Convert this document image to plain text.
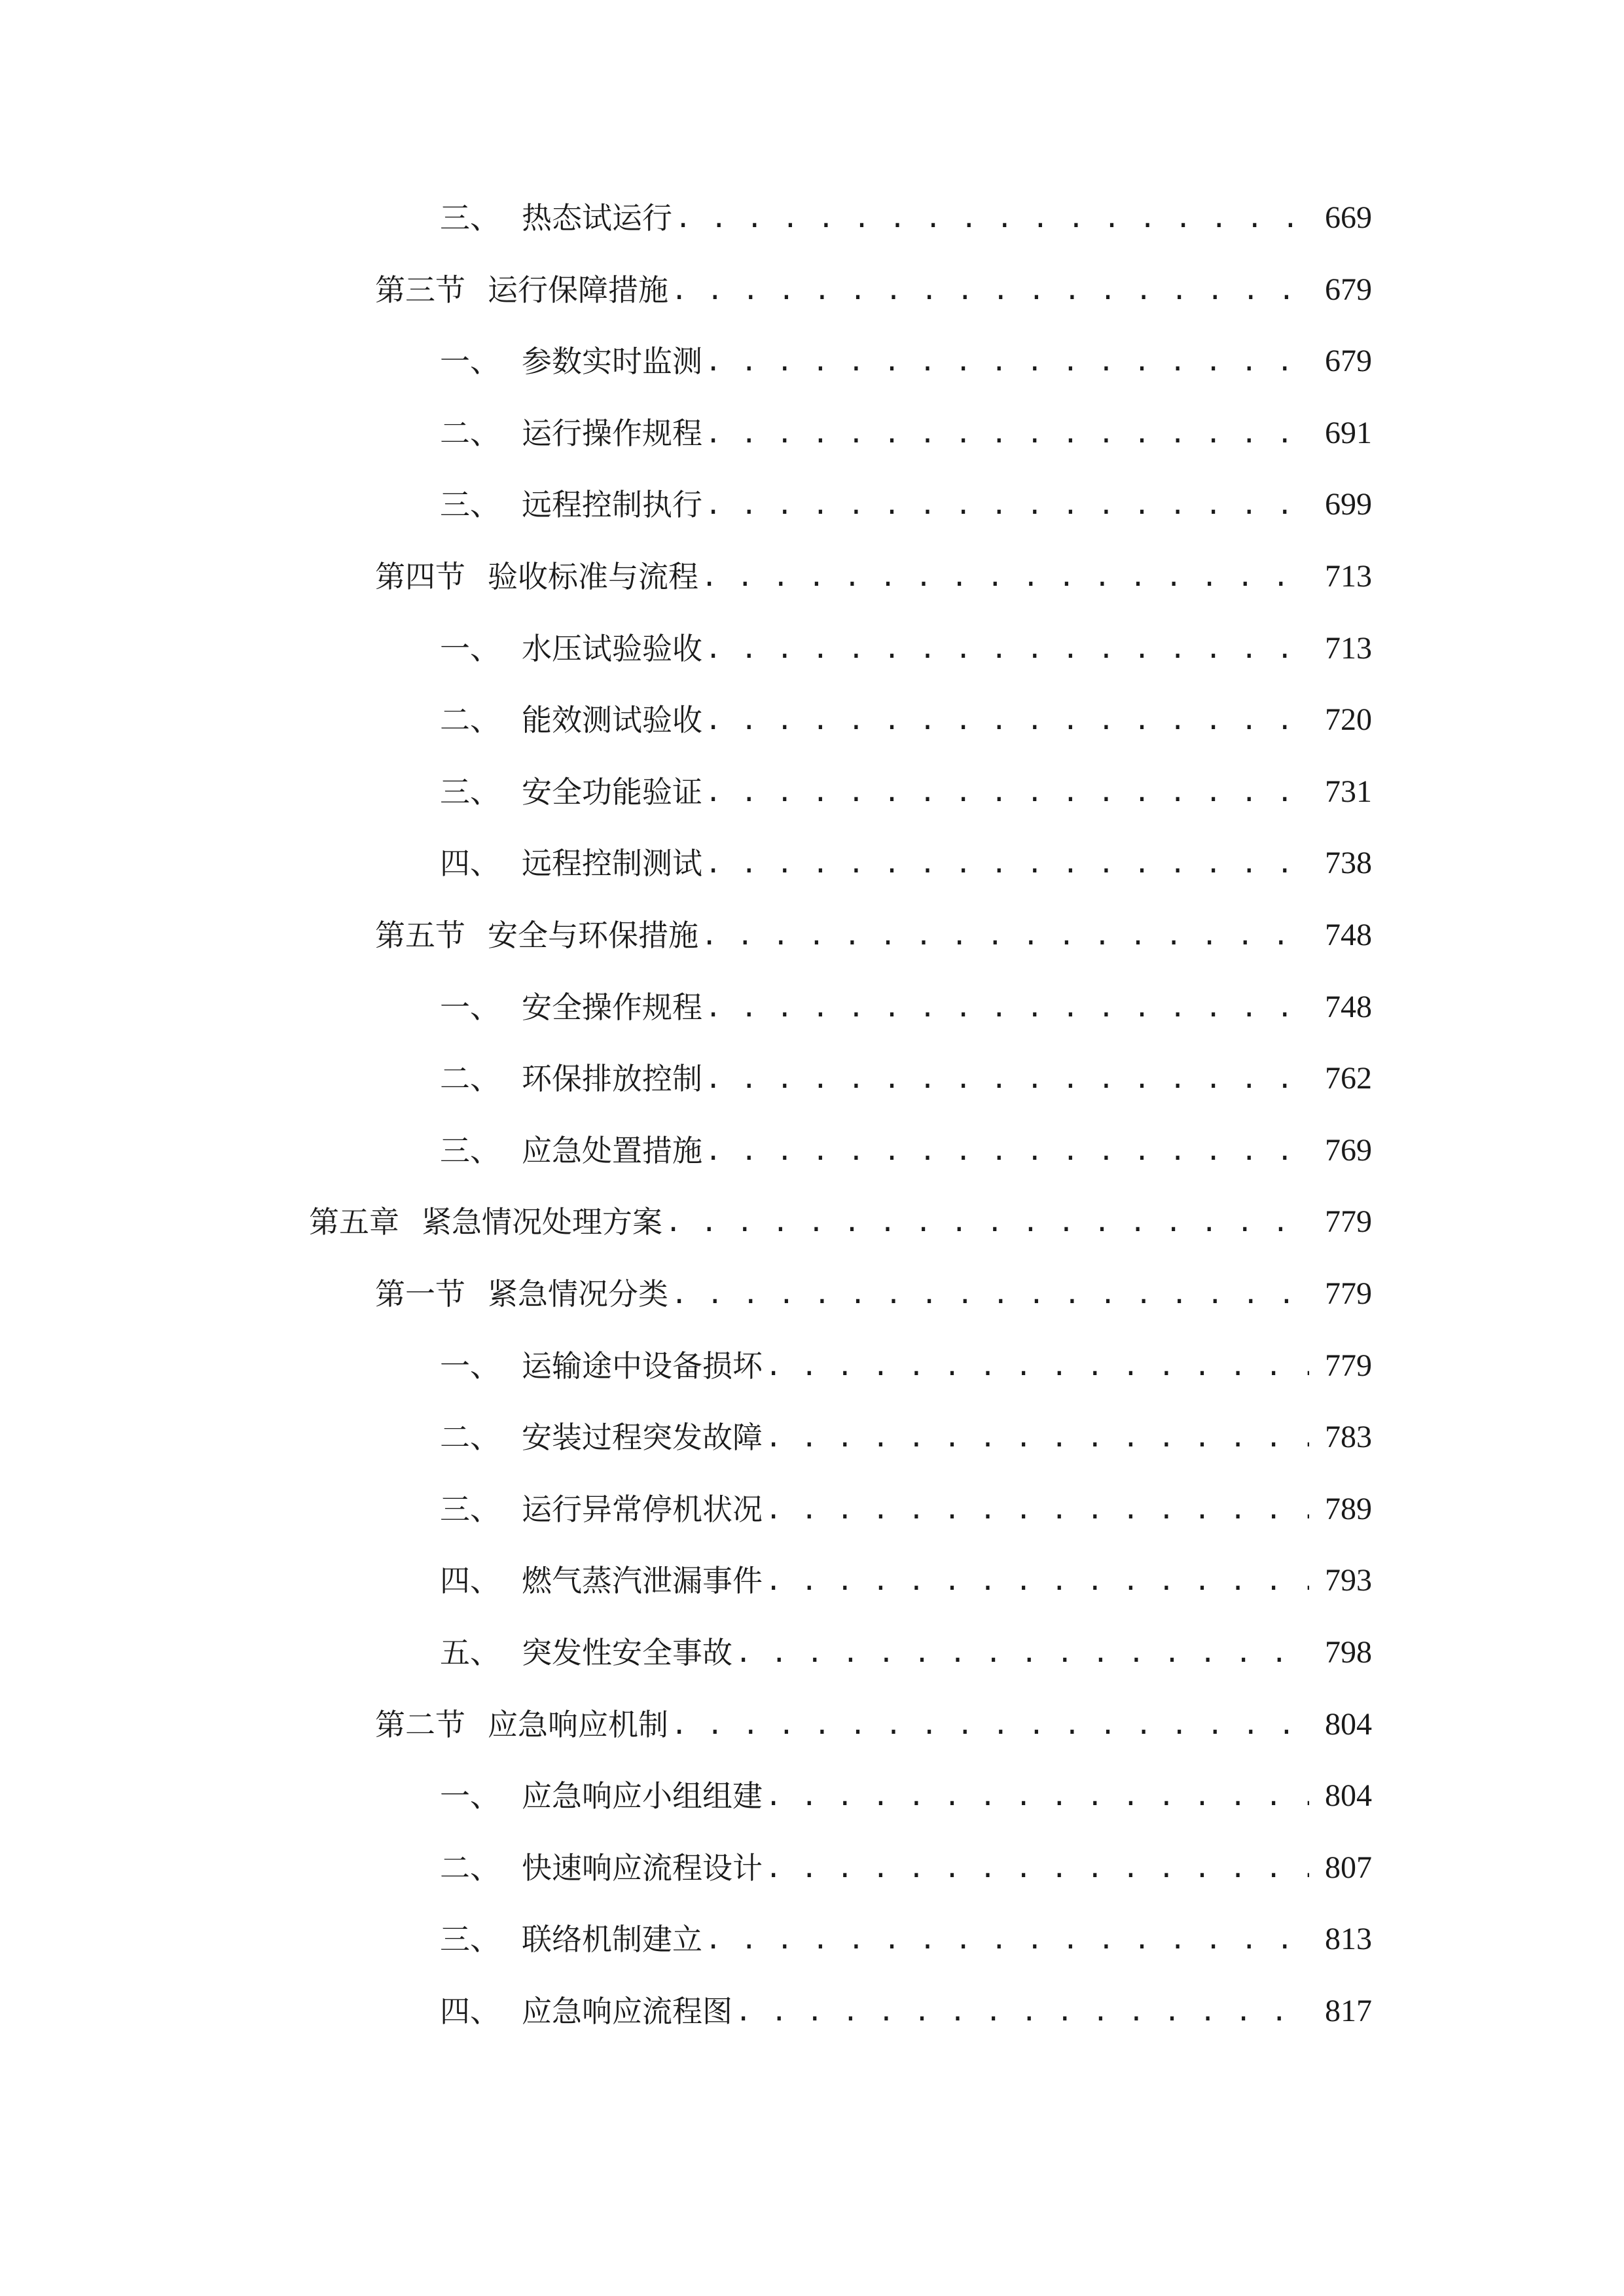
三、 热态试运行 . . .	669
第三节 运行保障措施 . . .	679
一、 参数实时监测 . . .	679
二、 运行操作规程 . . .	691
三、 远程控制执行 . . .	699
第四节 验收标准与流程 . . .	713
一、 水压试验验收 . . .	713
二、 能效测试验收 . . .	720
三、 安全功能验证 . . .	731
四、 远程控制测试 . . .	738
第五节 安全与环保措施 . . .	748
一、 安全操作规程 . . .	748
二、 环保排放控制 . . .	762
三、 应急处置措施 . . .	769
第五章 紧急情况处理方案 . . .	779
第一节 紧急情况分类 . . .	779
一、 运输途中设备损坏 . . .	779
二、 安装过程突发故障 . . .	783
三、 运行异常停机状况 . . .	789
四、 燃气蒸汽泄漏事件 . . .	793
五、 突发性安全事故 . . .	798
第二节 应急响应机制 . . .	804
一、 应急响应小组组建 . . .	804
二、 快速响应流程设计 . . .	807
三、 联络机制建立 . . .	813
四、 应急响应流程图 . . .	817
